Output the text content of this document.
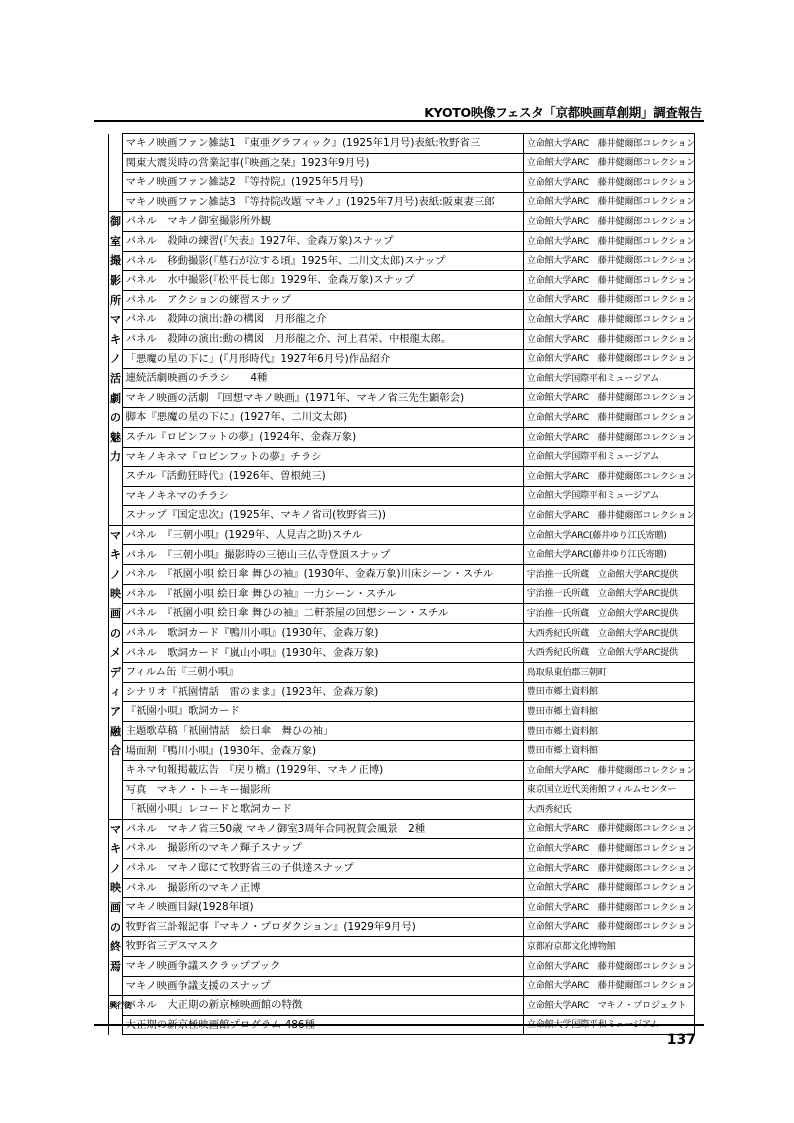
KYOTO映像フェスタ「京都映画草創期」調査報告
		マキノ映画ファン雑誌1 『東亜グラフィック』(1925年1月号)表紙:牧野省三	立命館大学ARC　藤井健爾郎コレクション
		関東大震災時の営業記事(『映画之栞』1923年9月号)	立命館大学ARC　藤井健爾郎コレクション
		マキノ映画ファン雑誌2 『等持院』(1925年5月号)	立命館大学ARC　藤井健爾郎コレクション
		マキノ映画ファン雑誌3 『等持院改題 マキノ』(1925年7月号)表紙:阪東妻三郎	立命館大学ARC　藤井健爾郎コレクション
	御	パネル　マキノ御室撮影所外観	立命館大学ARC　藤井健爾郎コレクション
	室	パネル　殺陣の練習(『矢表』1927年、金森万象)スナップ	立命館大学ARC　藤井健爾郎コレクション
	撮	パネル　移動撮影(『墓石が泣する頃』1925年、二川文太郎)スナップ	立命館大学ARC　藤井健爾郎コレクション
	影	パネル　水中撮影(『松平長七郎』1929年、金森万象)スナップ	立命館大学ARC　藤井健爾郎コレクション
	所	パネル　アクションの練習スナップ	立命館大学ARC　藤井健爾郎コレクション
	マ	パネル　殺陣の演出:静の構図　月形龍之介	立命館大学ARC　藤井健爾郎コレクション
	キ	パネル　殺陣の演出:動の構図　月形龍之介、河上君栄、中根龍太郎。	立命館大学ARC　藤井健爾郎コレクション
	ノ	「悪魔の星の下に」(『月形時代』1927年6月号)作品紹介	立命館大学ARC　藤井健爾郎コレクション
	活	連続活劇映画のチラシ　　4種	立命館大学国際平和ミュージアム
	劇	マキノ映画の活劇 『回想マキノ映画』(1971年、マキノ省三先生顕彰会)	立命館大学ARC　藤井健爾郎コレクション
	の	脚本『悪魔の星の下に』(1927年、二川文太郎)	立命館大学ARC　藤井健爾郎コレクション
	魅	スチル『ロビンフットの夢』(1924年、金森万象)	立命館大学ARC　藤井健爾郎コレクション
	力	マキノキネマ『ロビンフットの夢』チラシ	立命館大学国際平和ミュージアム
		スチル『活動狂時代』(1926年、曽根純三)	立命館大学ARC　藤井健爾郎コレクション
		マキノキネマのチラシ	立命館大学国際平和ミュージアム
		スナップ『国定忠次』(1925年、マキノ省司(牧野省三))	立命館大学ARC　藤井健爾郎コレクション
	マ	パネル　『三朝小唄』(1929年、人見吉之助)スチル	立命館大学ARC(藤井ゆり江氏寄贈)
	キ	パネル　『三朝小唄』撮影時の三徳山三仏寺登頂スナップ	立命館大学ARC(藤井ゆり江氏寄贈)
	ノ	パネル　『祇園小唄 絵日傘 舞ひの袖』(1930年、金森万象)川床シーン・スチル	宇治推一氏所蔵　立命館大学ARC提供
	映	パネル　『祇園小唄 絵日傘 舞ひの袖』一力シーン・スチル	宇治推一氏所蔵　立命館大学ARC提供
	画	パネル　『祇園小唄 絵日傘 舞ひの袖』二軒茶屋の回想シーン・スチル	宇治推一氏所蔵　立命館大学ARC提供
	の	パネル　歌詞カード『鴨川小唄』(1930年、金森万象)	大西秀紀氏所蔵　立命館大学ARC提供
	メ	パネル　歌詞カード『嵐山小唄』(1930年、金森万象)	大西秀紀氏所蔵　立命館大学ARC提供
	デ	フィルム缶『三朝小唄』	鳥取県東伯郡三朝町
	ィ	シナリオ『祇園情話　雷のまま』(1923年、金森万象)	豊田市郷土資料館
	ア	『祇園小唄』歌詞カード	豊田市郷土資料館
	融	主題歌草稿「祇園情話　絵日傘　舞ひの袖」	豊田市郷土資料館
	合	場面割『鴨川小唄』(1930年、金森万象)	豊田市郷土資料館
		キネマ旬報掲載広告　『戻り橋』(1929年、マキノ正博)	立命館大学ARC　藤井健爾郎コレクション
		写真　マキノ・トーキー撮影所	東京国立近代美術館フィルムセンター
		「祇園小唄」レコードと歌詞カード	大西秀紀氏
	マ	パネル　マキノ省三50歳 マキノ御室3周年合同祝賀会風景　2種	立命館大学ARC　藤井健爾郎コレクション
	キ	パネル　撮影所のマキノ輝子スナップ	立命館大学ARC　藤井健爾郎コレクション
	ノ	パネル　マキノ邸にて牧野省三の子供達スナップ	立命館大学ARC　藤井健爾郎コレクション
	映	パネル　撮影所のマキノ正博	立命館大学ARC　藤井健爾郎コレクション
	画	マキノ映画目録(1928年頃)	立命館大学ARC　藤井健爾郎コレクション
	の	牧野省三訃報記事『マキノ・プロダクション』(1929年9月号)	立命館大学ARC　藤井健爾郎コレクション
	終	牧野省三デスマスク	京都府京都文化博物館
	焉	マキノ映画争議スクラップブック	立命館大学ARC　藤井健爾郎コレクション
		マキノ映画争議支援のスナップ	立命館大学ARC　藤井健爾郎コレクション
	興行街	パネル　大正期の新京極映画館の特徴	立命館大学ARC　マキノ・プロジェクト
		大正期の新京極映画館プログラム 486種	立命館大学国際平和ミュージアム
137
